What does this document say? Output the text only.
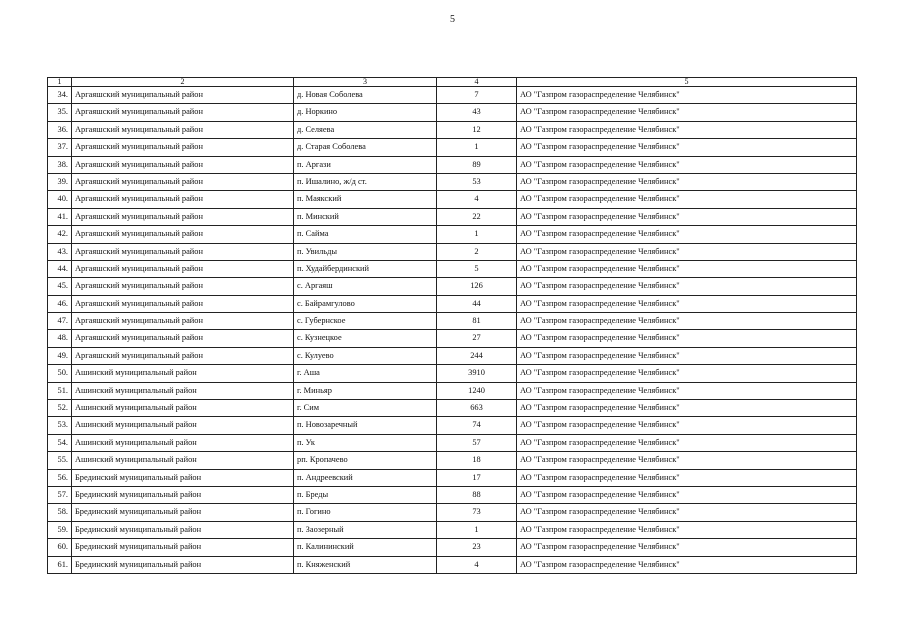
5
1	2	3	4	5
34.	Аргаяшский муниципальный район	д. Новая Соболева	7	АО "Газпром газораспределение Челябинск"
35.	Аргаяшский муниципальный район	д. Норкино	43	АО "Газпром газораспределение Челябинск"
36.	Аргаяшский муниципальный район	д. Селяева	12	АО "Газпром газораспределение Челябинск"
37.	Аргаяшский муниципальный район	д. Старая Соболева	1	АО "Газпром газораспределение Челябинск"
38.	Аргаяшский муниципальный район	п. Аргази	89	АО "Газпром газораспределение Челябинск"
39.	Аргаяшский муниципальный район	п. Ишалино, ж/д ст.	53	АО "Газпром газораспределение Челябинск"
40.	Аргаяшский муниципальный район	п. Маякский	4	АО "Газпром газораспределение Челябинск"
41.	Аргаяшский муниципальный район	п. Минский	22	АО "Газпром газораспределение Челябинск"
42.	Аргаяшский муниципальный район	п. Сайма	1	АО "Газпром газораспределение Челябинск"
43.	Аргаяшский муниципальный район	п. Увильды	2	АО "Газпром газораспределение Челябинск"
44.	Аргаяшский муниципальный район	п. Худайбердинский	5	АО "Газпром газораспределение Челябинск"
45.	Аргаяшский муниципальный район	с. Аргаяш	126	АО "Газпром газораспределение Челябинск"
46.	Аргаяшский муниципальный район	с. Байрамгулово	44	АО "Газпром газораспределение Челябинск"
47.	Аргаяшский муниципальный район	с. Губернское	81	АО "Газпром газораспределение Челябинск"
48.	Аргаяшский муниципальный район	с. Кузнецкое	27	АО "Газпром газораспределение Челябинск"
49.	Аргаяшский муниципальный район	с. Кулуево	244	АО "Газпром газораспределение Челябинск"
50.	Ашинский муниципальный район	г. Аша	3910	АО "Газпром газораспределение Челябинск"
51.	Ашинский муниципальный район	г. Миньяр	1240	АО "Газпром газораспределение Челябинск"
52.	Ашинский муниципальный район	г. Сим	663	АО "Газпром газораспределение Челябинск"
53.	Ашинский муниципальный район	п. Новозаречный	74	АО "Газпром газораспределение Челябинск"
54.	Ашинский муниципальный район	п. Ук	57	АО "Газпром газораспределение Челябинск"
55.	Ашинский муниципальный район	рп. Кропачево	18	АО "Газпром газораспределение Челябинск"
56.	Брединский муниципальный район	п. Андреевский	17	АО "Газпром газораспределение Челябинск"
57.	Брединский муниципальный район	п. Бреды	88	АО "Газпром газораспределение Челябинск"
58.	Брединский муниципальный район	п. Гогино	73	АО "Газпром газораспределение Челябинск"
59.	Брединский муниципальный район	п. Заозерный	1	АО "Газпром газораспределение Челябинск"
60.	Брединский муниципальный район	п. Калининский	23	АО "Газпром газораспределение Челябинск"
61.	Брединский муниципальный район	п. Княженский	4	АО "Газпром газораспределение Челябинск"
